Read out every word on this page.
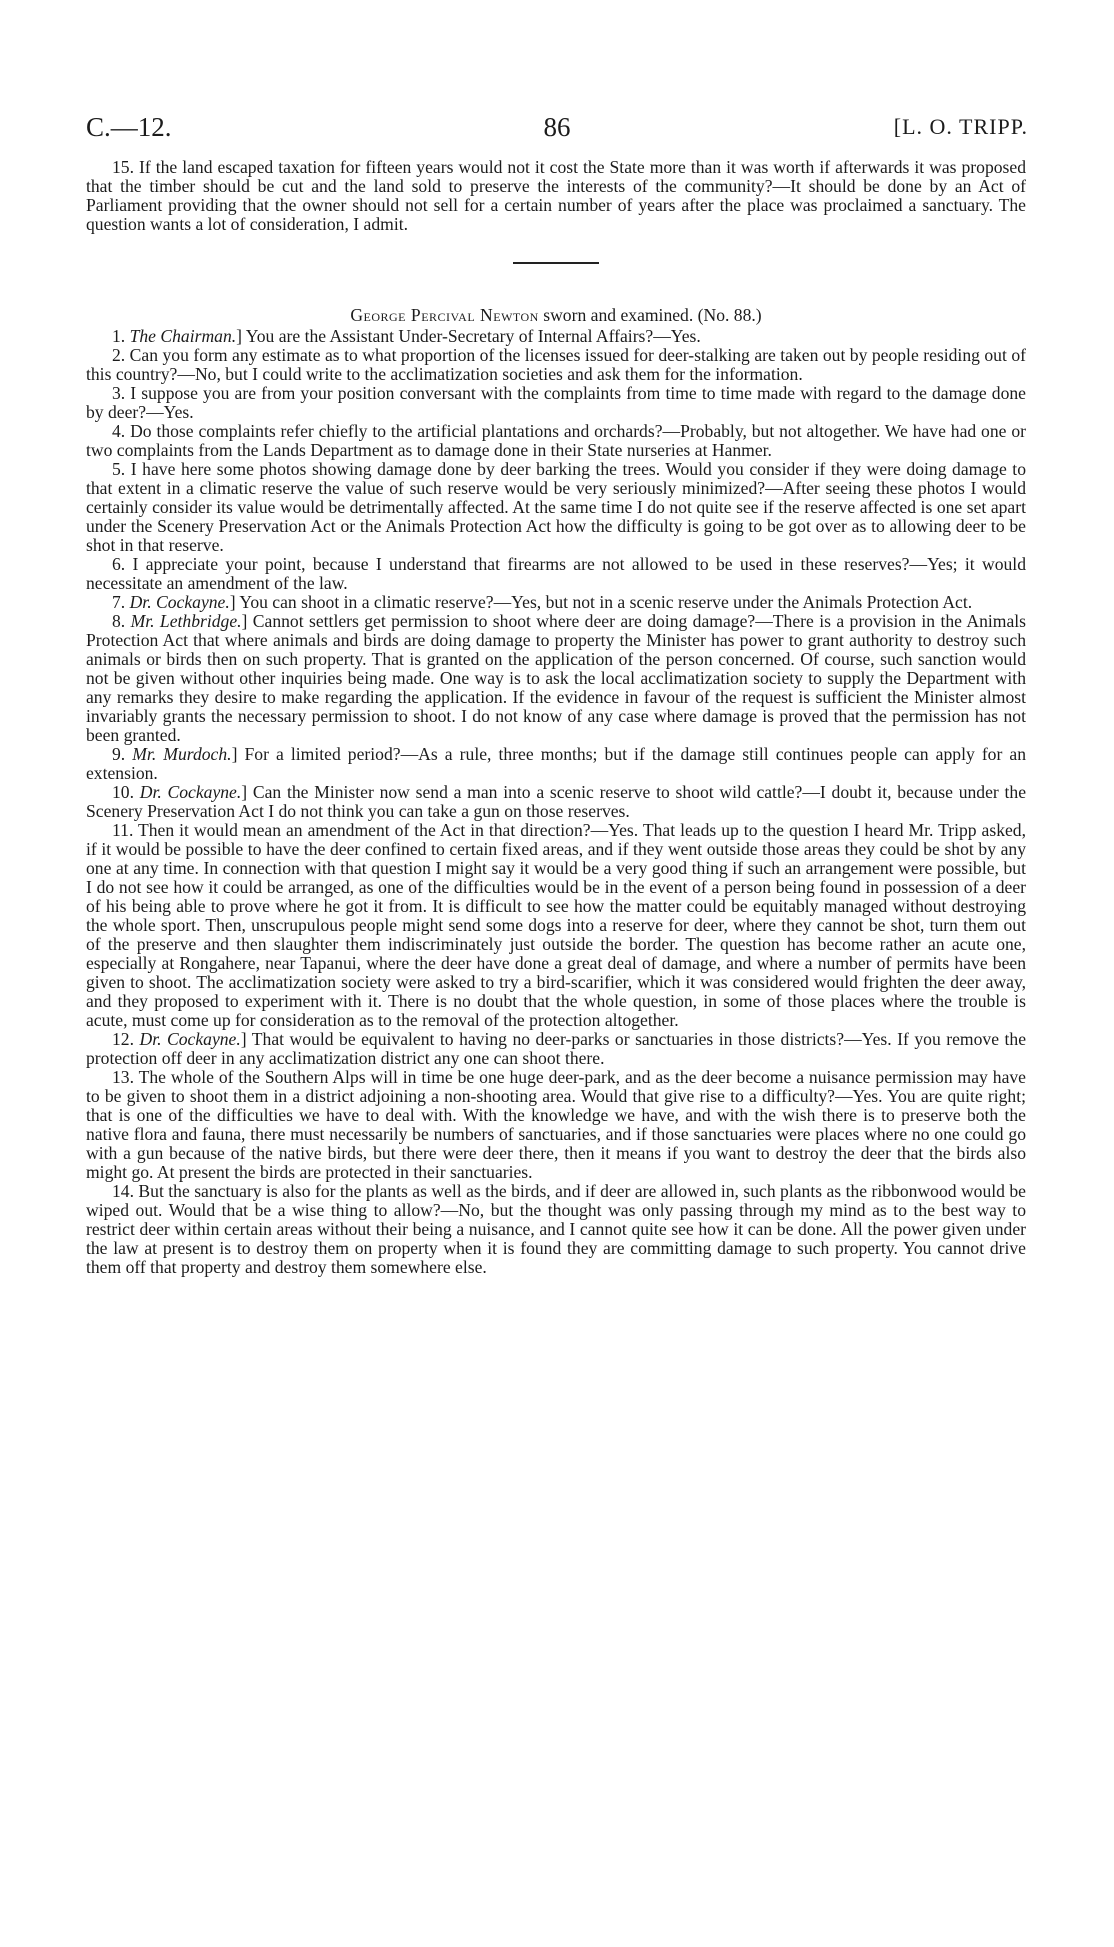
C.—12.	86	[L. O. TRIPP.

15. If the land escaped taxation for fifteen years would not it cost the State more than it was worth if afterwards it was proposed that the timber should be cut and the land sold to preserve the interests of the community?—It should be done by an Act of Parliament providing that the owner should not sell for a certain number of years after the place was proclaimed a sanctuary. The question wants a lot of consideration, I admit.

George Percival Newton sworn and examined. (No. 88.)

1. The Chairman.] You are the Assistant Under-Secretary of Internal Affairs?—Yes.

2. Can you form any estimate as to what proportion of the licenses issued for deer-stalking are taken out by people residing out of this country?—No, but I could write to the acclimatization societies and ask them for the information.

3. I suppose you are from your position conversant with the complaints from time to time made with regard to the damage done by deer?—Yes.

4. Do those complaints refer chiefly to the artificial plantations and orchards?—Probably, but not altogether. We have had one or two complaints from the Lands Department as to damage done in their State nurseries at Hanmer.

5. I have here some photos showing damage done by deer barking the trees. Would you consider if they were doing damage to that extent in a climatic reserve the value of such reserve would be very seriously minimized?—After seeing these photos I would certainly consider its value would be detrimentally affected. At the same time I do not quite see if the reserve affected is one set apart under the Scenery Preservation Act or the Animals Protection Act how the difficulty is going to be got over as to allowing deer to be shot in that reserve.

6. I appreciate your point, because I understand that firearms are not allowed to be used in these reserves?—Yes; it would necessitate an amendment of the law.

7. Dr. Cockayne.] You can shoot in a climatic reserve?—Yes, but not in a scenic reserve under the Animals Protection Act.

8. Mr. Lethbridge.] Cannot settlers get permission to shoot where deer are doing damage?—There is a provision in the Animals Protection Act that where animals and birds are doing damage to property the Minister has power to grant authority to destroy such animals or birds then on such property. That is granted on the application of the person concerned. Of course, such sanction would not be given without other inquiries being made. One way is to ask the local acclimatization society to supply the Department with any remarks they desire to make regarding the application. If the evidence in favour of the request is sufficient the Minister almost invariably grants the necessary permission to shoot. I do not know of any case where damage is proved that the permission has not been granted.

9. Mr. Murdoch.] For a limited period?—As a rule, three months; but if the damage still continues people can apply for an extension.

10. Dr. Cockayne.] Can the Minister now send a man into a scenic reserve to shoot wild cattle?—I doubt it, because under the Scenery Preservation Act I do not think you can take a gun on those reserves.

11. Then it would mean an amendment of the Act in that direction?—Yes. That leads up to the question I heard Mr. Tripp asked, if it would be possible to have the deer confined to certain fixed areas, and if they went outside those areas they could be shot by any one at any time. In connection with that question I might say it would be a very good thing if such an arrangement were possible, but I do not see how it could be arranged, as one of the difficulties would be in the event of a person being found in possession of a deer of his being able to prove where he got it from. It is difficult to see how the matter could be equitably managed without destroying the whole sport. Then, unscrupulous people might send some dogs into a reserve for deer, where they cannot be shot, turn them out of the preserve and then slaughter them indiscriminately just outside the border. The question has become rather an acute one, especially at Rongahere, near Tapanui, where the deer have done a great deal of damage, and where a number of permits have been given to shoot. The acclimatization society were asked to try a bird-scarifier, which it was considered would frighten the deer away, and they proposed to experiment with it. There is no doubt that the whole question, in some of those places where the trouble is acute, must come up for consideration as to the removal of the protection altogether.

12. Dr. Cockayne.] That would be equivalent to having no deer-parks or sanctuaries in those districts?—Yes. If you remove the protection off deer in any acclimatization district any one can shoot there.

13. The whole of the Southern Alps will in time be one huge deer-park, and as the deer become a nuisance permission may have to be given to shoot them in a district adjoining a non-shooting area. Would that give rise to a difficulty?—Yes. You are quite right; that is one of the difficulties we have to deal with. With the knowledge we have, and with the wish there is to preserve both the native flora and fauna, there must necessarily be numbers of sanctuaries, and if those sanctuaries were places where no one could go with a gun because of the native birds, but there were deer there, then it means if you want to destroy the deer that the birds also might go. At present the birds are protected in their sanctuaries.

14. But the sanctuary is also for the plants as well as the birds, and if deer are allowed in, such plants as the ribbonwood would be wiped out. Would that be a wise thing to allow?—No, but the thought was only passing through my mind as to the best way to restrict deer within certain areas without their being a nuisance, and I cannot quite see how it can be done. All the power given under the law at present is to destroy them on property when it is found they are committing damage to such property. You cannot drive them off that property and destroy them somewhere else.
